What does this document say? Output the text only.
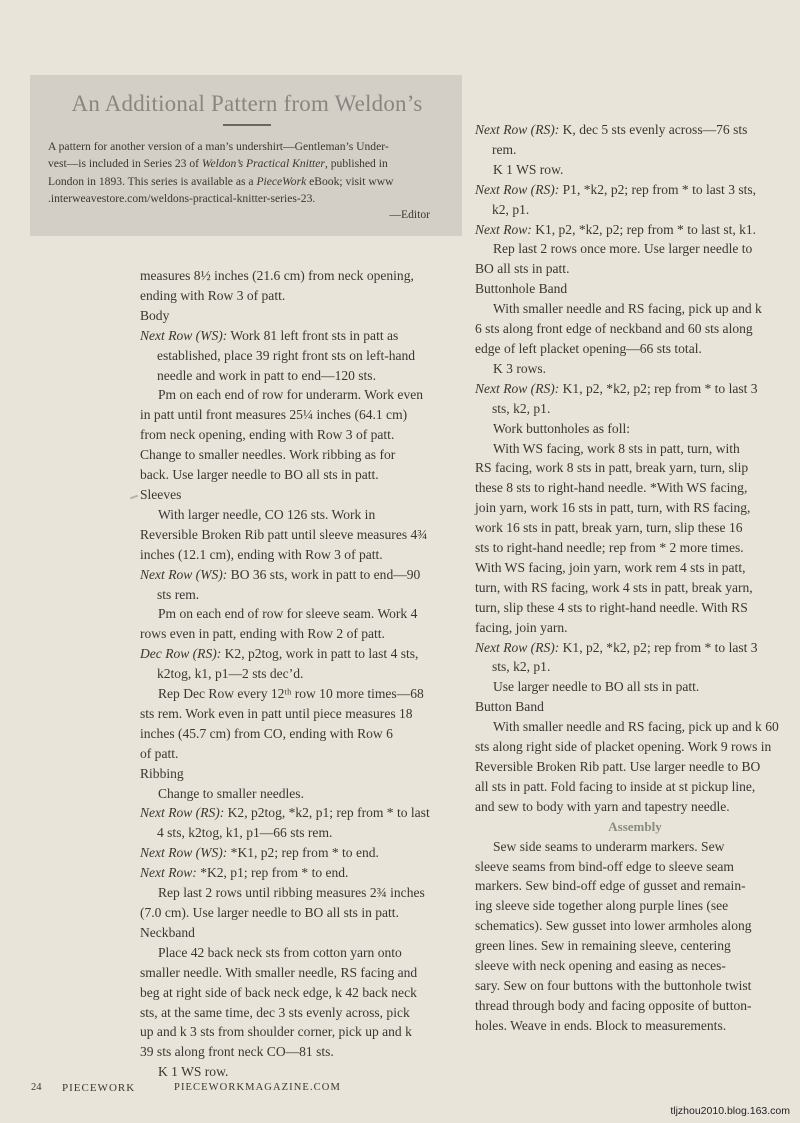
An Additional Pattern from Weldon’s

A pattern for another version of a man’s undershirt—Gentleman’s Under-
vest—is included in Series 23 of Weldon’s Practical Knitter, published in
London in 1893. This series is available as a PieceWork eBook; visit www
.interweavestore.com/weldons-practical-knitter-series-23.

—Editor
measures 8½ inches (21.6 cm) from neck opening,
ending with Row 3 of patt.
Body
Next Row (WS): Work 81 left front sts in patt as
established, place 39 right front sts on left-hand
needle and work in patt to end—120 sts.
Pm on each end of row for underarm. Work even
in patt until front measures 25¼ inches (64.1 cm)
from neck opening, ending with Row 3 of patt.
Change to smaller needles. Work ribbing as for
back. Use larger needle to BO all sts in patt.
Sleeves
With larger needle, CO 126 sts. Work in
Reversible Broken Rib patt until sleeve measures 4¾
inches (12.1 cm), ending with Row 3 of patt.
Next Row (WS): BO 36 sts, work in patt to end—90
sts rem.
Pm on each end of row for sleeve seam. Work 4
rows even in patt, ending with Row 2 of patt.
Dec Row (RS): K2, p2tog, work in patt to last 4 sts,
k2tog, k1, p1—2 sts dec’d.
Rep Dec Row every 12ᵗʰ row 10 more times—68
sts rem. Work even in patt until piece measures 18
inches (45.7 cm) from CO, ending with Row 6
of patt.
Ribbing
Change to smaller needles.
Next Row (RS): K2, p2tog, *k2, p1; rep from * to last
4 sts, k2tog, k1, p1—66 sts rem.
Next Row (WS): *K1, p2; rep from * to end.
Next Row: *K2, p1; rep from * to end.
Rep last 2 rows until ribbing measures 2¾ inches
(7.0 cm). Use larger needle to BO all sts in patt.
Neckband
Place 42 back neck sts from cotton yarn onto
smaller needle. With smaller needle, RS facing and
beg at right side of back neck edge, k 42 back neck
sts, at the same time, dec 3 sts evenly across, pick
up and k 3 sts from shoulder corner, pick up and k
39 sts along front neck CO—81 sts.
K 1 WS row.
Next Row (RS): K, dec 5 sts evenly across—76 sts
rem.
K 1 WS row.
Next Row (RS): P1, *k2, p2; rep from * to last 3 sts,
k2, p1.
Next Row: K1, p2, *k2, p2; rep from * to last st, k1.
Rep last 2 rows once more. Use larger needle to
BO all sts in patt.
Buttonhole Band
With smaller needle and RS facing, pick up and k
6 sts along front edge of neckband and 60 sts along
edge of left placket opening—66 sts total.
K 3 rows.
Next Row (RS): K1, p2, *k2, p2; rep from * to last 3
sts, k2, p1.
Work buttonholes as foll:
With WS facing, work 8 sts in patt, turn, with
RS facing, work 8 sts in patt, break yarn, turn, slip
these 8 sts to right-hand needle. *With WS facing,
join yarn, work 16 sts in patt, turn, with RS facing,
work 16 sts in patt, break yarn, turn, slip these 16
sts to right-hand needle; rep from * 2 more times.
With WS facing, join yarn, work rem 4 sts in patt,
turn, with RS facing, work 4 sts in patt, break yarn,
turn, slip these 4 sts to right-hand needle. With RS
facing, join yarn.
Next Row (RS): K1, p2, *k2, p2; rep from * to last 3
sts, k2, p1.
Use larger needle to BO all sts in patt.
Button Band
With smaller needle and RS facing, pick up and k 60
sts along right side of placket opening. Work 9 rows in
Reversible Broken Rib patt. Use larger needle to BO
all sts in patt. Fold facing to inside at st pickup line,
and sew to body with yarn and tapestry needle.
Assembly
Sew side seams to underarm markers. Sew
sleeve seams from bind-off edge to sleeve seam
markers. Sew bind-off edge of gusset and remain-
ing sleeve side together along purple lines (see
schematics). Sew gusset into lower armholes along
green lines. Sew in remaining sleeve, centering
sleeve with neck opening and easing as neces-
sary. Sew on four buttons with the buttonhole twist
thread through body and facing opposite of button-
holes. Weave in ends. Block to measurements.
24 PIECEWORK	PIECEWORKMAGAZINE.COM
tljzhou2010.blog.163.com
